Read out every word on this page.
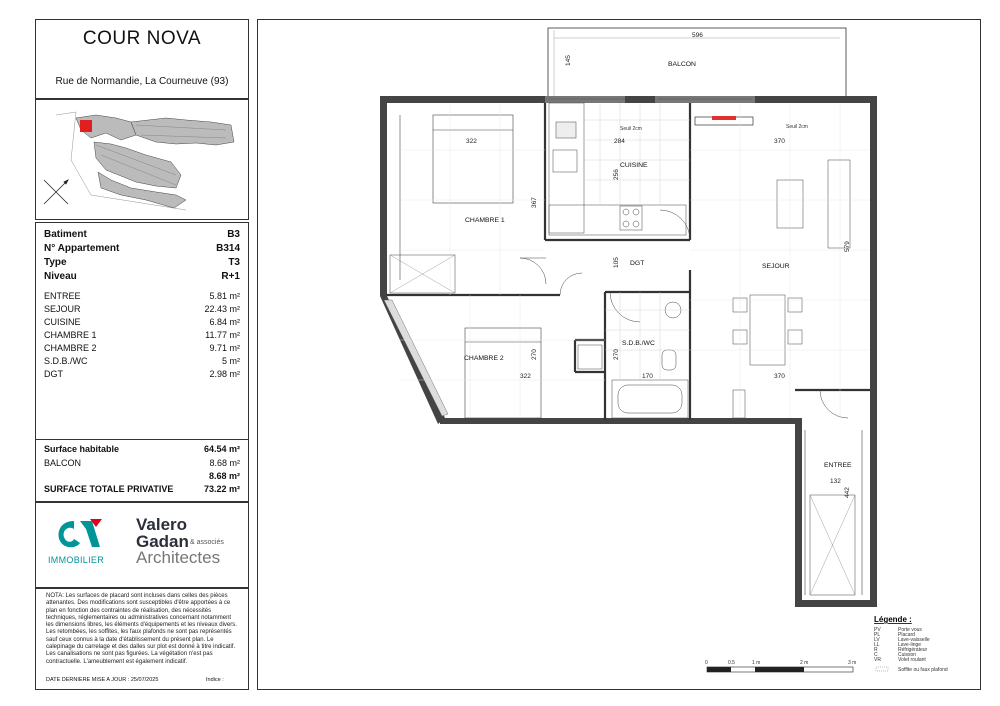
COUR NOVA
Rue de Normandie, La Courneuve (93)
Batiment	B3
N° Appartement	B314
Type	T3
Niveau	R+1
ENTREE	5.81 m²
SEJOUR	22.43 m²
CUISINE	6.84 m²
CHAMBRE 1	11.77 m²
CHAMBRE 2	9.71 m²
S.D.B./WC	5 m²
DGT	2.98 m²
Surface habitable	64.54 m²
BALCON	8.68 m²
8.68 m²
SURFACE TOTALE PRIVATIVE	73.22 m²
IMMOBILIER
Valero
Gadan & associés
Architectes
NOTA: Les surfaces de placard sont incluses dans celles des pièces attenantes. Des modifications sont susceptibles d'être apportées à ce plan en fonction des contraintes de réalisation, des nécessités techniques, réglementaires ou administratives concernant notamment les dimensions libres, les éléments d'équipements et les niveaux divers. Les retombées, les soffites, les faux plafonds ne sont pas représentés sauf ceux connus à la date d'établissement du présent plan. Le calepinage du carrelage et des dalles sur plot est donné à titre indicatif. Les canalisations ne sont pas figurées. La végétation n'est pas contractuelle. L'ameublement est également indicatif.
DATE DERNIERE MISE A JOUR : 25/07/2025	Indice :
BALCON
596
145
322
CHAMBRE 1
367
Seuil 2cm
284
CUISINE
256
Seuil 2cm
370
SEJOUR
579
DGT
105
CHAMBRE 2	270
322
S.D.B./WC
270
170	370
ENTREE
132
442
0	0.5	1 m	2 m	3 m
Légende :
PV	Porte vous
PL	Placard
LV	Lave-vaisselle
LL	Lave-linge
R	Réfrigérateur
C	Cuisson
VR	Volet roulant
Soffite ou faux plafond
